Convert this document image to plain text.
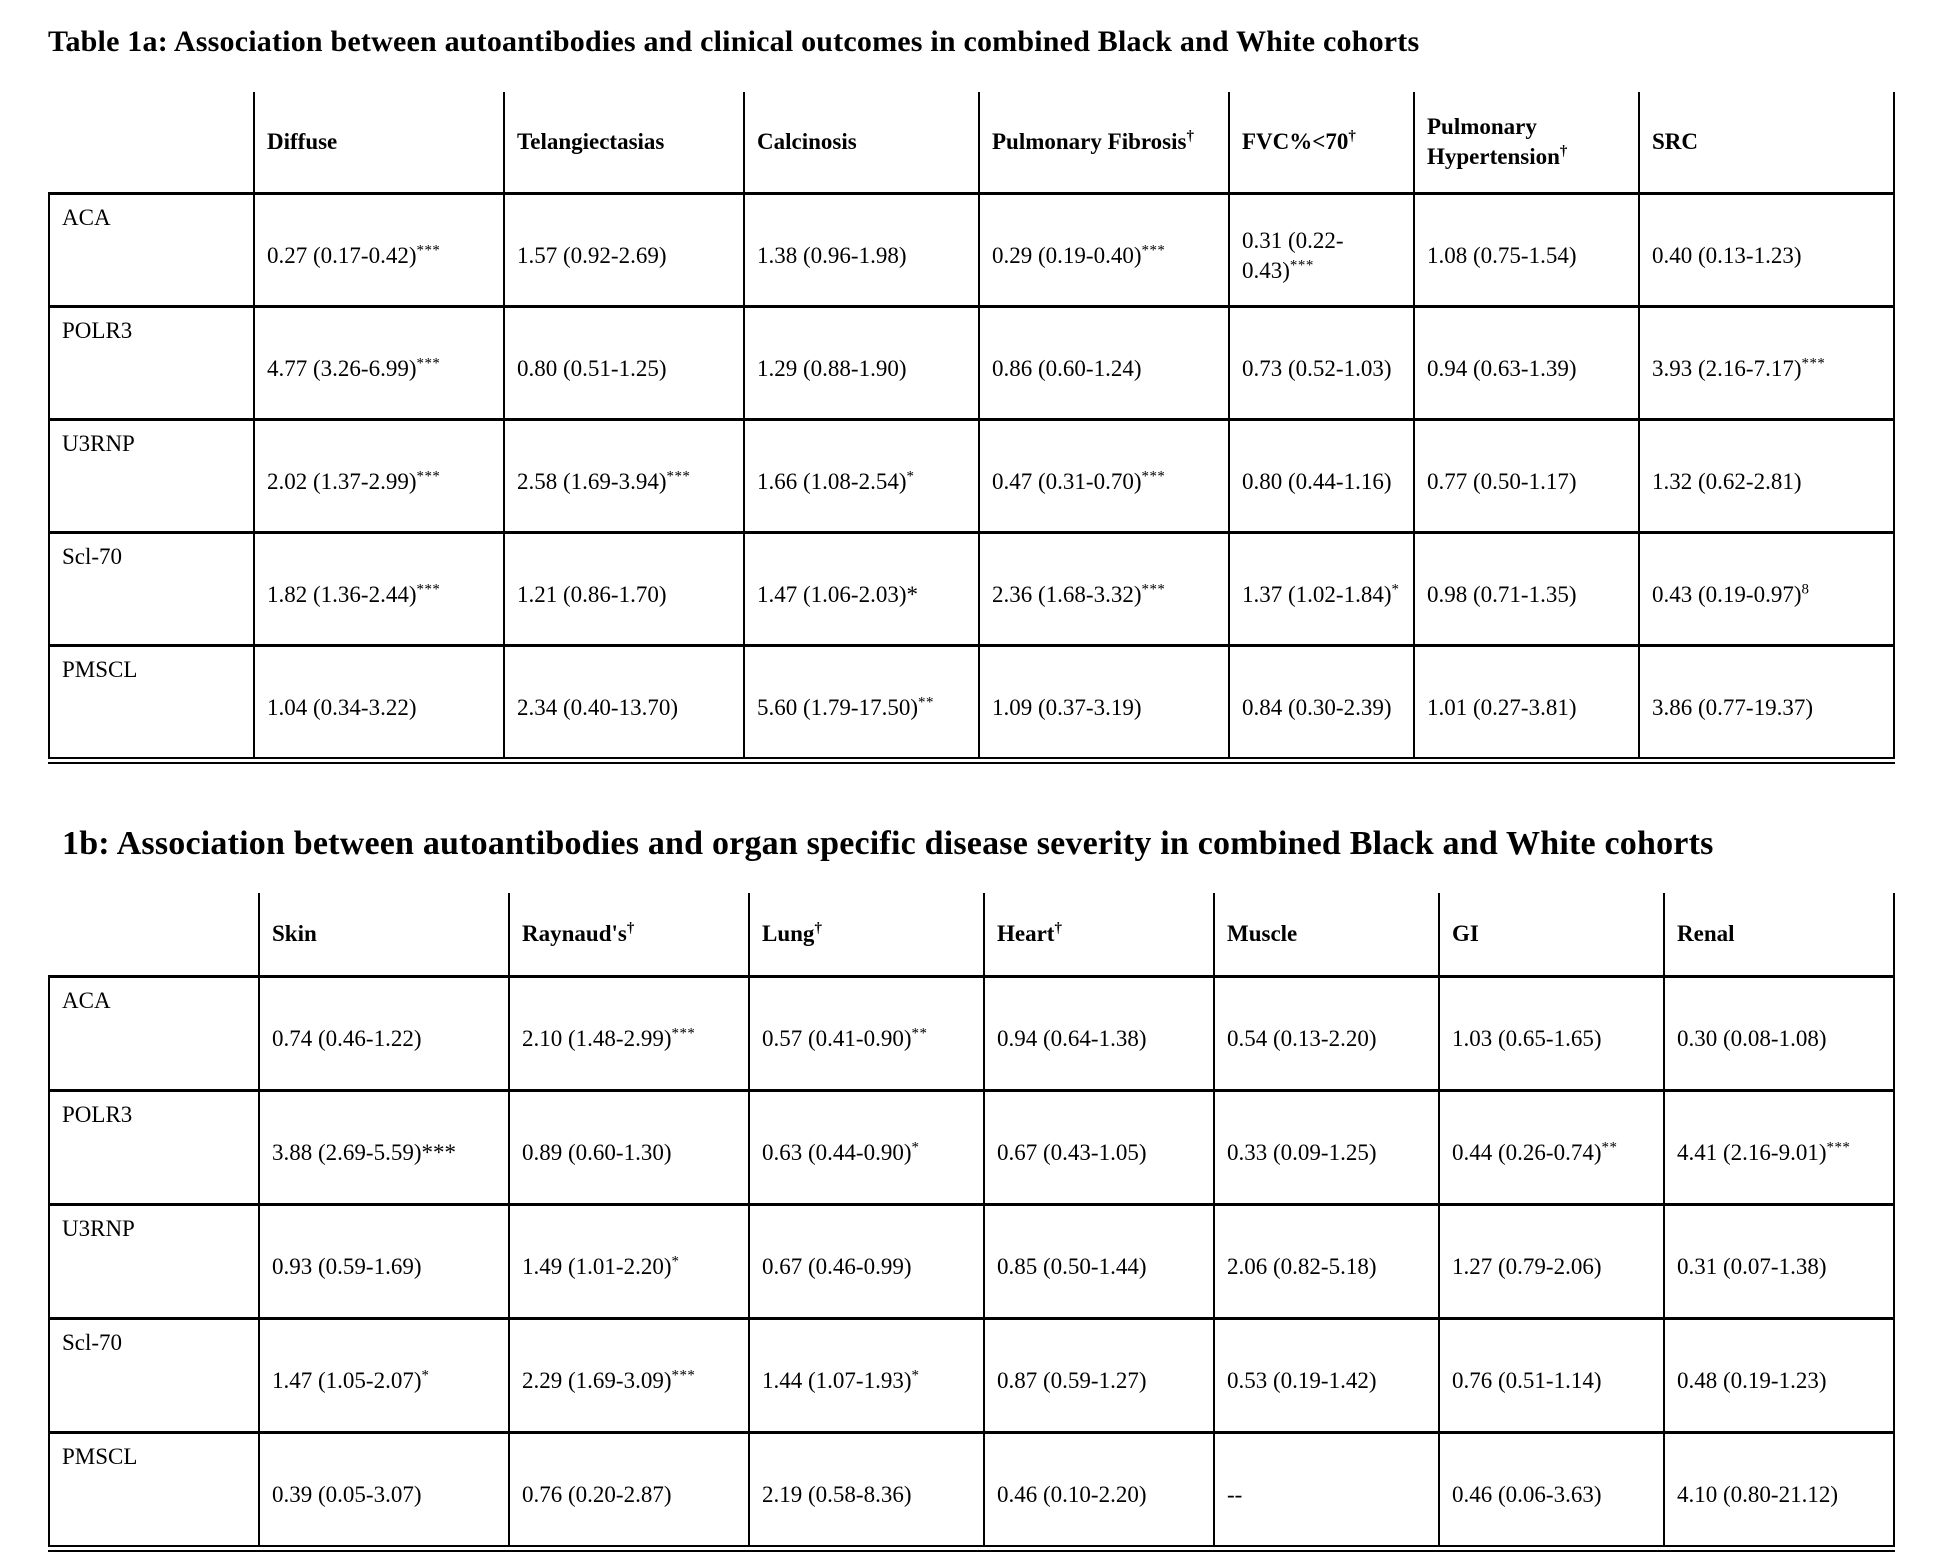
Table 1a: Association between autoantibodies and clinical outcomes in combined Black and White cohorts
	Diffuse	Telangiectasias	Calcinosis	Pulmonary Fibrosis†	FVC%<70†	Pulmonary Hypertension†	SRC
ACA	0.27 (0.17-0.42)***	1.57 (0.92-2.69)	1.38 (0.96-1.98)	0.29 (0.19-0.40)***	0.31 (0.22-0.43)***	1.08 (0.75-1.54)	0.40 (0.13-1.23)
POLR3	4.77 (3.26-6.99)***	0.80 (0.51-1.25)	1.29 (0.88-1.90)	0.86 (0.60-1.24)	0.73 (0.52-1.03)	0.94 (0.63-1.39)	3.93 (2.16-7.17)***
U3RNP	2.02 (1.37-2.99)***	2.58 (1.69-3.94)***	1.66 (1.08-2.54)*	0.47 (0.31-0.70)***	0.80 (0.44-1.16)	0.77 (0.50-1.17)	1.32 (0.62-2.81)
Scl-70	1.82 (1.36-2.44)***	1.21 (0.86-1.70)	1.47 (1.06-2.03)*	2.36 (1.68-3.32)***	1.37 (1.02-1.84)*	0.98 (0.71-1.35)	0.43 $(0.19-0.97)^8$
PMSCL	1.04 (0.34-3.22)	2.34 (0.40-13.70)	5.60 (1.79-17.50)**	1.09 (0.37-3.19)	0.84 (0.30-2.39)	1.01 (0.27-3.81)	3.86 (0.77-19.37)
1b: Association between autoantibodies and organ specific disease severity in combined Black and White cohorts
	Skin	Raynaud's†	Lung†	Heart†	Muscle	GI	Renal
ACA	0.74 (0.46-1.22)	2.10 (1.48-2.99)***	0.57 (0.41-0.90)**	0.94 (0.64-1.38)	0.54 (0.13-2.20)	1.03 (0.65-1.65)	0.30 (0.08-1.08)
POLR3	3.88 (2.69-5.59)***	0.89 (0.60-1.30)	0.63 (0.44-0.90)*	0.67 (0.43-1.05)	0.33 (0.09-1.25)	0.44 (0.26-0.74)**	4.41 (2.16-9.01)***
U3RNP	0.93 (0.59-1.69)	1.49 (1.01-2.20)*	0.67 (0.46-0.99)	0.85 (0.50-1.44)	2.06 (0.82-5.18)	1.27 (0.79-2.06)	0.31 (0.07-1.38)
Scl-70	1.47 (1.05-2.07)*	2.29 (1.69-3.09)***	1.44 (1.07-1.93)*	0.87 (0.59-1.27)	0.53 (0.19-1.42)	0.76 (0.51-1.14)	0.48 (0.19-1.23)
PMSCL	0.39 (0.05-3.07)	0.76 (0.20-2.87)	2.19 (0.58-8.36)	0.46 (0.10-2.20)	--	0.46 (0.06-3.63)	4.10 (0.80-21.12)
